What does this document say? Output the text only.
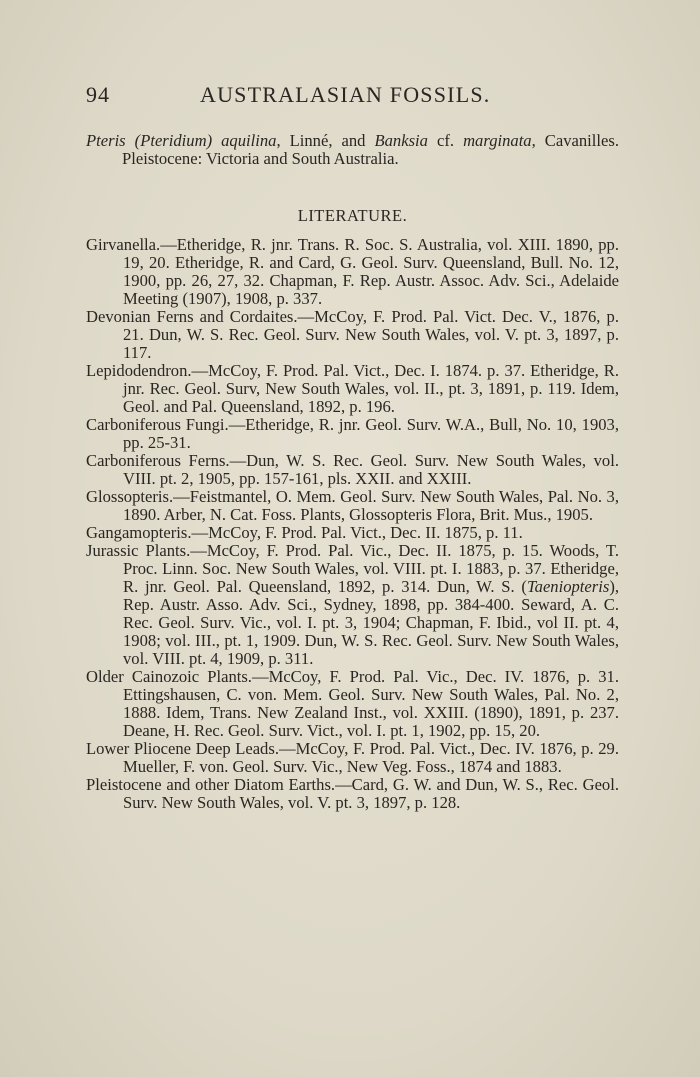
94	AUSTRALASIAN FOSSILS.

Pteris (Pteridium) aquilina, Linné, and Banksia cf. marginata, Cavanilles. Pleistocene: Victoria and South Australia.

LITERATURE.

Girvanella.—Etheridge, R. jnr. Trans. R. Soc. S. Australia, vol. XIII. 1890, pp. 19, 20. Etheridge, R. and Card, G. Geol. Surv. Queensland, Bull. No. 12, 1900, pp. 26, 27, 32. Chapman, F. Rep. Austr. Assoc. Adv. Sci., Adelaide Meeting (1907), 1908, p. 337.

Devonian Ferns and Cordaites.—McCoy, F. Prod. Pal. Vict. Dec. V., 1876, p. 21. Dun, W. S. Rec. Geol. Surv. New South Wales, vol. V. pt. 3, 1897, p. 117.

Lepidodendron.—McCoy, F. Prod. Pal. Vict., Dec. I. 1874. p. 37. Etheridge, R. jnr. Rec. Geol. Surv, New South Wales, vol. II., pt. 3, 1891, p. 119. Idem, Geol. and Pal. Queensland, 1892, p. 196.

Carboniferous Fungi.—Etheridge, R. jnr. Geol. Surv. W.A., Bull, No. 10, 1903, pp. 25-31.

Carboniferous Ferns.—Dun, W. S. Rec. Geol. Surv. New South Wales, vol. VIII. pt. 2, 1905, pp. 157-161, pls. XXII. and XXIII.

Glossopteris.—Feistmantel, O. Mem. Geol. Surv. New South Wales, Pal. No. 3, 1890. Arber, N. Cat. Foss. Plants, Glossopteris Flora, Brit. Mus., 1905.

Gangamopteris.—McCoy, F. Prod. Pal. Vict., Dec. II. 1875, p. 11.

Jurassic Plants.—McCoy, F. Prod. Pal. Vic., Dec. II. 1875, p. 15. Woods, T. Proc. Linn. Soc. New South Wales, vol. VIII. pt. I. 1883, p. 37. Etheridge, R. jnr. Geol. Pal. Queensland, 1892, p. 314. Dun, W. S. (Taeniopteris), Rep. Austr. Asso. Adv. Sci., Sydney, 1898, pp. 384-400. Seward, A. C. Rec. Geol. Surv. Vic., vol. I. pt. 3, 1904; Chapman, F. Ibid., vol II. pt. 4, 1908; vol. III., pt. 1, 1909. Dun, W. S. Rec. Geol. Surv. New South Wales, vol. VIII. pt. 4, 1909, p. 311.

Older Cainozoic Plants.—McCoy, F. Prod. Pal. Vic., Dec. IV. 1876, p. 31. Ettingshausen, C. von. Mem. Geol. Surv. New South Wales, Pal. No. 2, 1888. Idem, Trans. New Zealand Inst., vol. XXIII. (1890), 1891, p. 237. Deane, H. Rec. Geol. Surv. Vict., vol. I. pt. 1, 1902, pp. 15, 20.

Lower Pliocene Deep Leads.—McCoy, F. Prod. Pal. Vict., Dec. IV. 1876, p. 29. Mueller, F. von. Geol. Surv. Vic., New Veg. Foss., 1874 and 1883.

Pleistocene and other Diatom Earths.—Card, G. W. and Dun, W. S., Rec. Geol. Surv. New South Wales, vol. V. pt. 3, 1897, p. 128.
